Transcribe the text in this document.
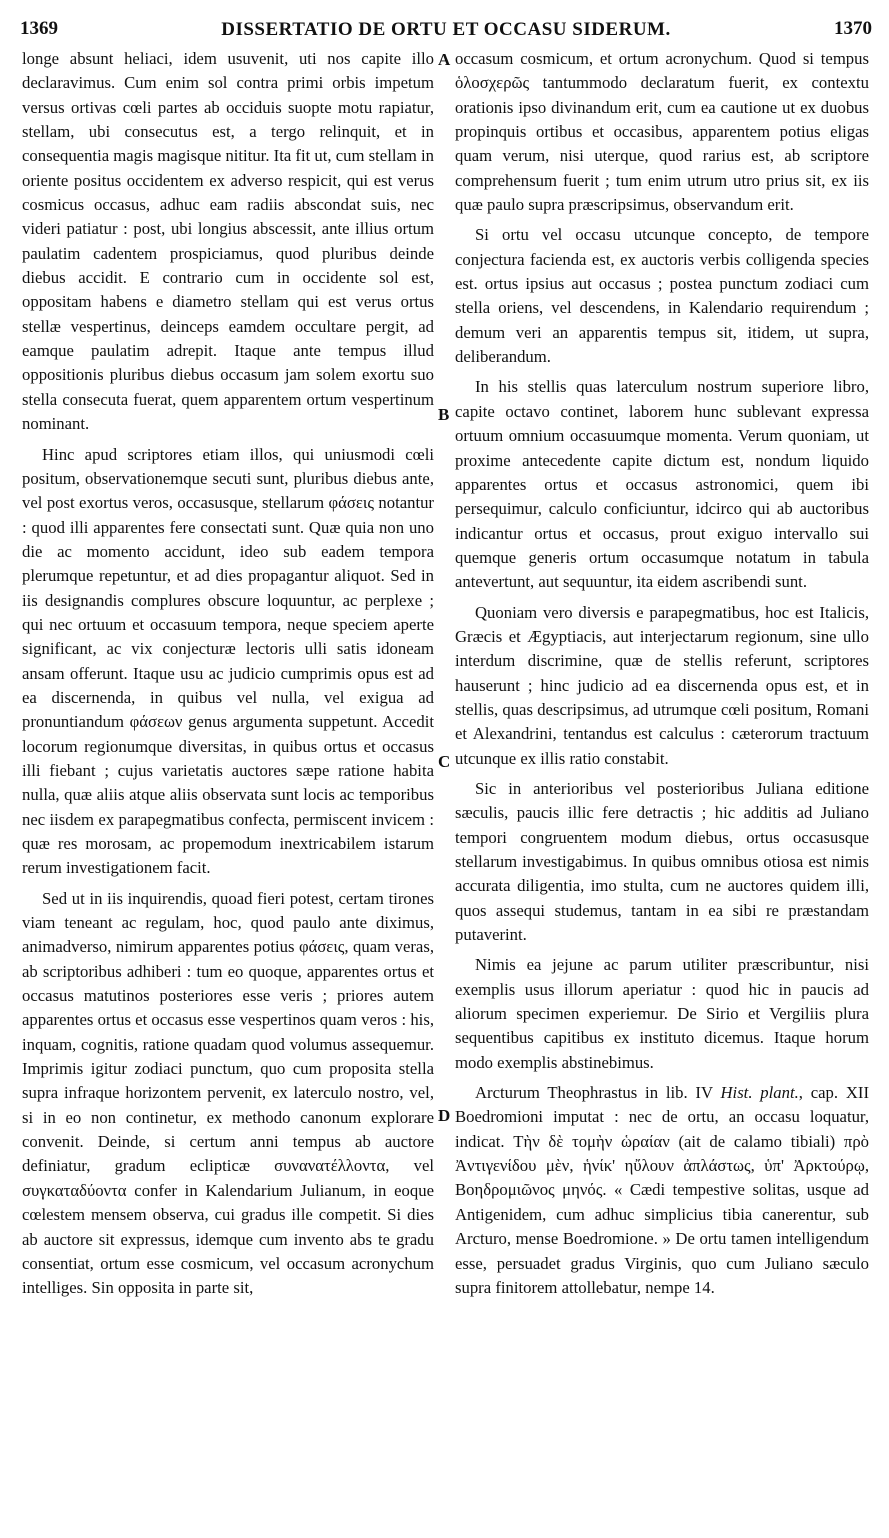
1369	DISSERTATIO DE ORTU ET OCCASU SIDERUM.	1370

longe absunt heliaci, idem usuvenit, uti nos capite illo declaravimus. Cum enim sol contra primi orbis impetum versus ortivas cœli partes ab occiduis suopte motu rapiatur, stellam, ubi consecutus est, a tergo relinquit, et in consequentia magis magisque nititur. Ita fit ut, cum stellam in oriente positus occidentem ex adverso respicit, qui est verus cosmicus occasus, adhuc eam radiis abscondat suis, nec videri patiatur : post, ubi longius abscessit, ante illius ortum paulatim cadentem prospiciamus, quod pluribus deinde diebus accidit. E contrario cum in occidente sol est, oppositam habens e diametro stellam qui est verus ortus stellæ vespertinus, deinceps eamdem occultare pergit, ad eamque paulatim adrepit. Itaque ante tempus illud oppositionis pluribus diebus occasum jam solem exortu suo stella consecuta fuerat, quem apparentem ortum vespertinum nominant.

Hinc apud scriptores etiam illos, qui uniusmodi cœli positum, observationemque secuti sunt, pluribus diebus ante, vel post exortus veros, occasusque, stellarum φάσεις notantur : quod illi apparentes fere consectati sunt. Quæ quia non uno die ac momento accidunt, ideo sub eadem tempora plerumque repetuntur, et ad dies propagantur aliquot. Sed in iis designandis complures obscure loquuntur, ac perplexe ; qui nec ortuum et occasuum tempora, neque speciem aperte significant, ac vix conjecturæ lectoris ulli satis idoneam ansam offerunt. Itaque usu ac judicio cumprimis opus est ad ea discernenda, in quibus vel nulla, vel exigua ad pronuntiandum φάσεων genus argumenta suppetunt. Accedit locorum regionumque diversitas, in quibus ortus et occasus illi fiebant ; cujus varietatis auctores sæpe ratione habita nulla, quæ aliis atque aliis observata sunt locis ac temporibus nec iisdem ex parapegmatibus confecta, permiscent invicem : quæ res morosam, ac propemodum inextricabilem istarum rerum investigationem facit.

Sed ut in iis inquirendis, quoad fieri potest, certam tirones viam teneant ac regulam, hoc, quod paulo ante diximus, animadverso, nimirum apparentes potius φάσεις, quam veras, ab scriptoribus adhiberi : tum eo quoque, apparentes ortus et occasus matutinos posteriores esse veris ; priores autem apparentes ortus et occasus esse vespertinos quam veros : his, inquam, cognitis, ratione quadam quod volumus assequemur. Imprimis igitur zodiaci punctum, quo cum proposita stella supra infraque horizontem pervenit, ex laterculo nostro, vel, si in eo non continetur, ex methodo canonum explorare convenit. Deinde, si certum anni tempus ab auctore definiatur, gradum eclipticæ συνανατέλλοντα, vel συγκαταδύοντα confer in Kalendarium Julianum, in eoque cœlestem mensem observa, cui gradus ille competit. Si dies ab auctore sit expressus, idemque cum invento abs te gradu consentiat, ortum esse cosmicum, vel occasum acronychum intelliges. Sin opposita in parte sit,

A
B
C
D

occasum cosmicum, et ortum acronychum. Quod si tempus ὁλοσχερῶς tantummodo declaratum fuerit, ex contextu orationis ipso divinandum erit, cum ea cautione ut ex duobus propinquis ortibus et occasibus, apparentem potius eligas quam verum, nisi uterque, quod rarius est, ab scriptore comprehensum fuerit ; tum enim utrum utro prius sit, ex iis quæ paulo supra præscripsimus, observandum erit.

Si ortu vel occasu utcunque concepto, de tempore conjectura facienda est, ex auctoris verbis colligenda species est. ortus ipsius aut occasus ; postea punctum zodiaci cum stella oriens, vel descendens, in Kalendario requirendum ; demum veri an apparentis tempus sit, itidem, ut supra, deliberandum.

In his stellis quas laterculum nostrum superiore libro, capite octavo continet, laborem hunc sublevant expressa ortuum omnium occasuumque momenta. Verum quoniam, ut proxime antecedente capite dictum est, nondum liquido apparentes ortus et occasus astronomici, quem ibi persequimur, calculo conficiuntur, idcirco qui ab auctoribus indicantur ortus et occasus, prout exiguo intervallo sui quemque generis ortum occasumque notatum in tabula antevertunt, aut sequuntur, ita eidem ascribendi sunt.

Quoniam vero diversis e parapegmatibus, hoc est Italicis, Græcis et Ægyptiacis, aut interjectarum regionum, sine ullo interdum discrimine, quæ de stellis referunt, scriptores hauserunt ; hinc judicio ad ea discernenda opus est, et in stellis, quas descripsimus, ad utrumque cœli positum, Romani et Alexandrini, tentandus est calculus : cæterorum tractuum utcunque ex illis ratio constabit.

Sic in anterioribus vel posterioribus Juliana editione sæculis, paucis illic fere detractis ; hic additis ad Juliano tempori congruentem modum diebus, ortus occasusque stellarum investigabimus. In quibus omnibus otiosa est nimis accurata diligentia, imo stulta, cum ne auctores quidem illi, quos assequi studemus, tantam in ea sibi re præstandam putaverint.

Nimis ea jejune ac parum utiliter præscribuntur, nisi exemplis usus illorum aperiatur : quod hic in paucis ad aliorum specimen experiemur. De Sirio et Vergiliis plura sequentibus capitibus ex instituto dicemus. Itaque horum modo exemplis abstinebimus.

Arcturum Theophrastus in lib. IV Hist. plant., cap. XII Boedromioni imputat : nec de ortu, an occasu loquatur, indicat. Τὴν δὲ τομὴν ὡραίαν (ait de calamo tibiali) πρὸ Ἀντιγενίδου μὲν, ἡνίκ' ηὔλουν ἀπλάστως, ὑπ' Ἀρκτούρῳ, Βοηδρομιῶνος μηνός. « Cædi tempestive solitas, usque ad Antigenidem, cum adhuc simplicius tibia canerentur, sub Arcturo, mense Boedromione. » De ortu tamen intelligendum esse, persuadet gradus Virginis, quo cum Juliano sæculo supra finitorem attollebatur, nempe 14.
